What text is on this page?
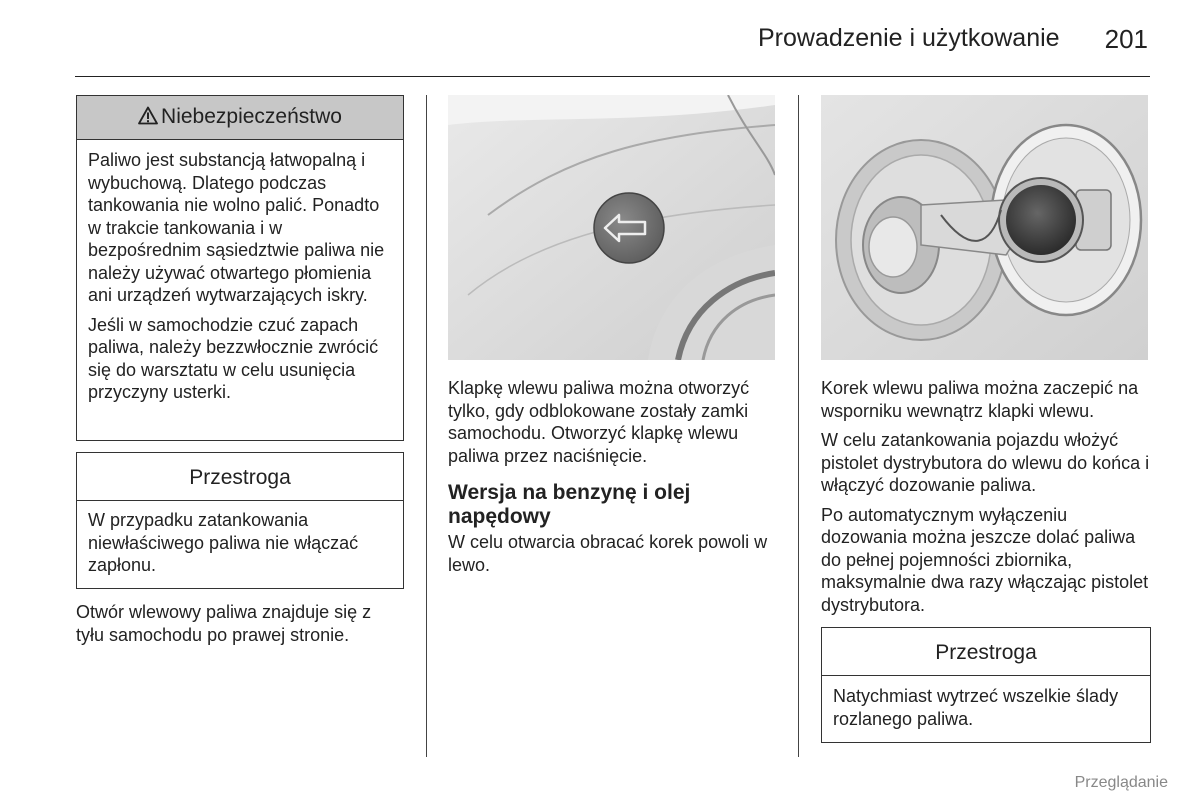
Prowadzenie i użytkowanie 201
Niebezpieczeństwo

Paliwo jest substancją łatwopalną i wybuchową. Dlatego podczas tankowania nie wolno palić. Ponadto w trakcie tankowania i w bezpośrednim sąsiedztwie paliwa nie należy używać otwartego płomienia ani urządzeń wytwarzających iskry.

Jeśli w samochodzie czuć zapach paliwa, należy bezzwłocznie zwrócić się do warsztatu w celu usunięcia przyczyny usterki.

Przestroga
W przypadku zatankowania niewłaściwego paliwa nie włączać zapłonu.

Otwór wlewowy paliwa znajduje się z tyłu samochodu po prawej stronie.

Klapkę wlewu paliwa można otworzyć tylko, gdy odblokowane zostały zamki samochodu. Otworzyć klapkę wlewu paliwa przez naciśnięcie.

Wersja na benzynę i olej napędowy

W celu otwarcia obracać korek powoli w lewo.

Korek wlewu paliwa można zaczepić na wsporniku wewnątrz klapki wlewu.

W celu zatankowania pojazdu włożyć pistolet dystrybutora do wlewu do końca i włączyć dozowanie paliwa.

Po automatycznym wyłączeniu dozowania można jeszcze dolać paliwa do pełnej pojemności zbiornika, maksymalnie dwa razy włączając pistolet dystrybutora.

Przestroga
Natychmiast wytrzeć wszelkie ślady rozlanego paliwa.
Przeglądanie
